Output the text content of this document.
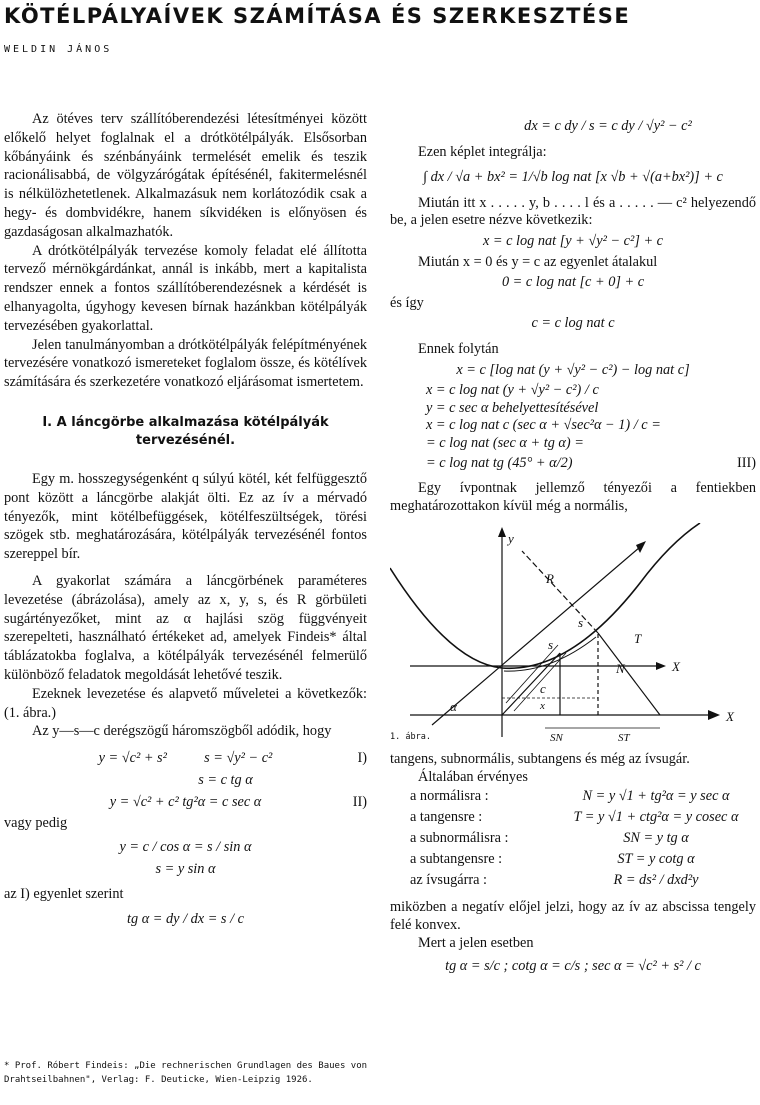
KÖTÉLPÁLYAÍVEK SZÁMÍTÁSA ÉS SZERKESZTÉSE
WELDIN JÁNOS

Az ötéves terv szállítóberendezési létesítményei között előkelő helyet foglalnak el a drótkötélpályák. Elsősorban kőbányáink és szénbányáink termelését emelik és teszik racionálisabbá, de völgyzárógátak építésénél, fakitermelésnél is nélkülözhetetlenek. Alkalmazásuk nem korlátozódik csak a hegy- és dombvidékre, hanem síkvidéken is előnyösen és gazdaságosan alkalmazhatók.

A drótkötélpályák tervezése komoly feladat elé állította tervező mérnökgárdánkat, annál is inkább, mert a kapitalista rendszer ennek a fontos szállítóberendezésnek a kérdését is elhanyagolta, úgyhogy kevesen bírnak hazánkban kötélpályák tervezésében gyakorlattal.

Jelen tanulmányomban a drótkötélpályák felépítményének tervezésére vonatkozó ismereteket foglalom össze, és kötélívek számítására és szerkezetére vonatkozó eljárásomat ismertetem.

I. A láncgörbe alkalmazása kötélpályák tervezésénél.

Egy m. hosszegységenként q súlyú kötél, két felfüggesztő pont között a láncgörbe alakját ölti. Ez az ív a mérvadó tényezők, mint kötélbefüggések, kötélfeszültségek, törési szögek stb. meghatározására, kötélpályák tervezésénél fontos szereppel bír.

A gyakorlat számára a láncgörbének paraméteres levezetése (ábrázolása), amely az x, y, s, és R görbületi sugártényezőket, mint az α hajlási szög függvényeit szerepelteti, használható értékeket ad, amelyek Findeis* által táblázatokba foglalva, a kötélpályák tervezésénél felmerülő különböző feladatok megoldását lehetővé teszik.

Ezeknek levezetése és alapvető műveletei a következők: (1. ábra.)

Az y—s—c derégszögű háromszögből adódik, hogy

y = √c² + s²	s = √y² − c²	I)
s = c tg α
y = √c² + c² tg²α = c sec α	II)
vagy pedig
y = c / cos α = s / sin α
s = y sin α
az I) egyenlet szerint
tg α = dy / dx = s / c
* Prof. Róbert Findeis: „Die rechnerischen Grundlagen des Baues von Drahtseilbahnen", Verlag: F. Deuticke, Wien-Leipzig 1926.
dx = c dy / s = c dy / √y² − c²

Ezen képlet integrálja:

∫ dx / √a + bx² = 1/√b log nat [x √b + √(a+bx²)] + c

Miután itt x . . . . . y, b . . . . l és a . . . . . — c² helyezendő be, a jelen esetre nézve következik:

x = c log nat [y + √y² − c²] + c

Miután x = 0 és y = c az egyenlet átalakul

0 = c log nat [c + 0] + c
és így
c = c log nat c

Ennek folytán

x = c [log nat (y + √y² − c²) − log nat c]
x = c log nat (y + √y² − c²) / c
y = c sec α behelyettesítésével
x = c log nat c (sec α + √sec²α − 1) / c =
= c log nat (sec α + tg α) =
= c log nat tg (45° + α/2)	III)

Egy ívpontnak jellemző tényezői a fentiekben meghatározottakon kívül még a normális,

y
X
X
s
s
R
c
N
T
SN	ST
α	x
1. ábra.

tangens, subnormális, subtangens és még az ívsugár.

Általában érvényes

a normálisra :	N = y √1 + tg²α = y sec α
a tangensre :	T = y √1 + ctg²α = y cosec α
a subnormálisra :	SN = y tg α
a subtangensre :	ST = y cotg α
az ívsugárra :	R = ds² / dxd²y

miközben a negatív előjel jelzi, hogy az ív az abscissa tengely felé konvex.

Mert a jelen esetben

tg α = s/c ; cotg α = c/s ; sec α = √c² + s² / c
